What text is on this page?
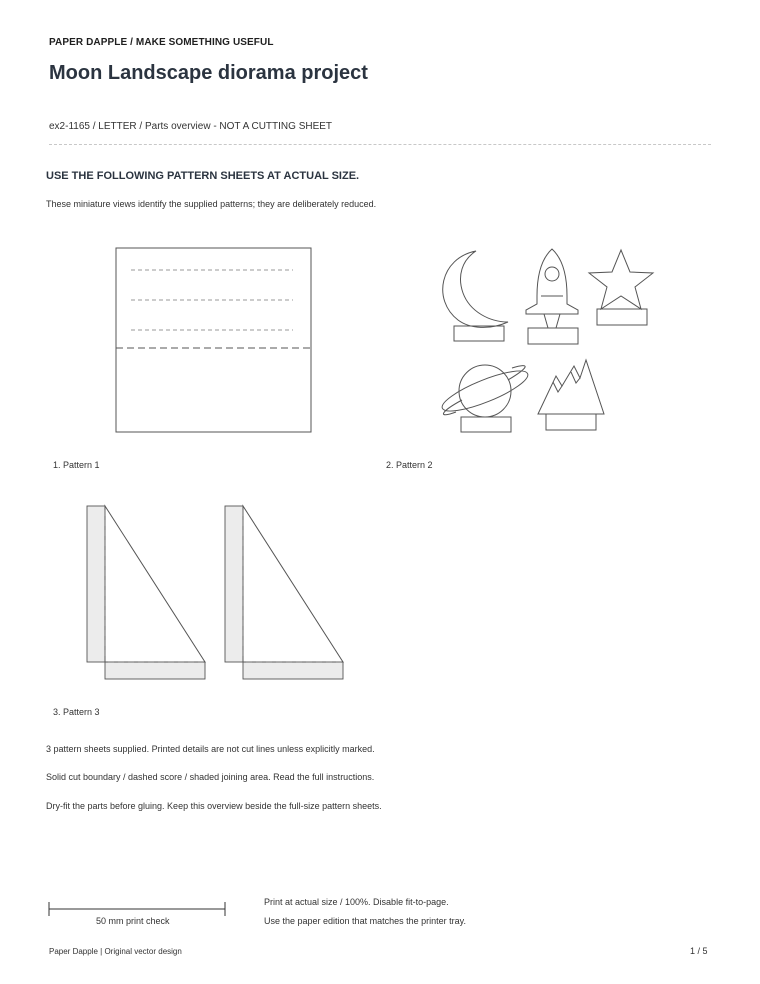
PAPER DAPPLE / MAKE SOMETHING USEFUL
Moon Landscape diorama project
ex2-1165 / LETTER / Parts overview - NOT A CUTTING SHEET
USE THE FOLLOWING PATTERN SHEETS AT ACTUAL SIZE.
These miniature views identify the supplied patterns; they are deliberately reduced.
1. Pattern 1	2. Pattern 2
3. Pattern 3
3 pattern sheets supplied. Printed details are not cut lines unless explicitly marked.
Solid cut boundary / dashed score / shaded joining area. Read the full instructions.
Dry-fit the parts before gluing. Keep this overview beside the full-size pattern sheets.
50 mm print check
Print at actual size / 100%. Disable fit-to-page.
Use the paper edition that matches the printer tray.
Paper Dapple | Original vector design	1 / 5
